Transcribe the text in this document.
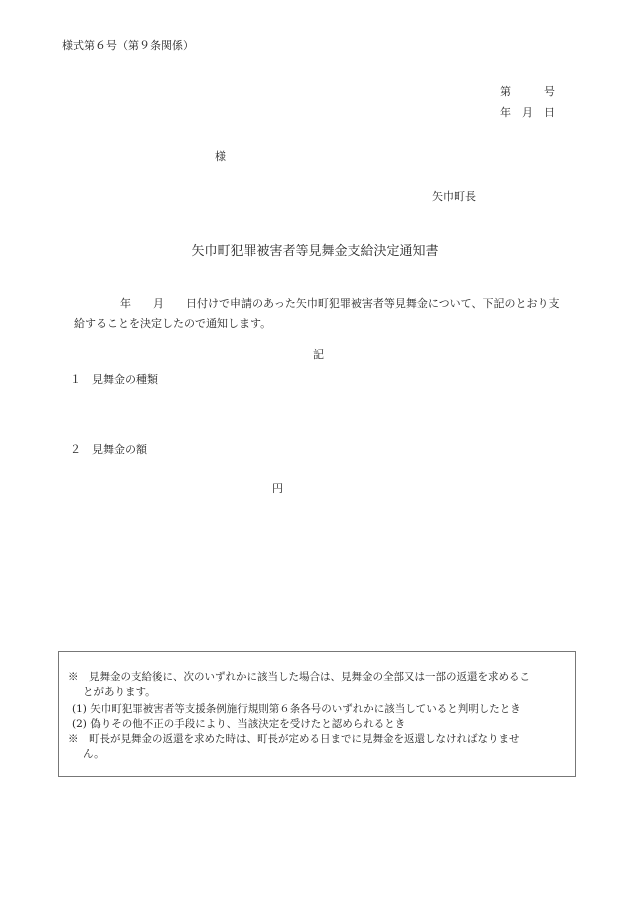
様式第６号（第９条関係）
第　　　号
年　月　日
様
矢巾町長
矢巾町犯罪被害者等見舞金支給決定通知書
年　　月　　日付けで申請のあった矢巾町犯罪被害者等見舞金について、下記のとおり支
給することを決定したので通知します。
記
１　見舞金の種類
２　見舞金の額
円
※　見舞金の支給後に、次のいずれかに該当した場合は、見舞金の全部又は一部の返還を求めるこ
とがあります。
(1) 矢巾町犯罪被害者等支援条例施行規則第６条各号のいずれかに該当していると判明したとき
(2) 偽りその他不正の手段により、当該決定を受けたと認められるとき
※　町長が見舞金の返還を求めた時は、町長が定める日までに見舞金を返還しなければなりませ
ん。
